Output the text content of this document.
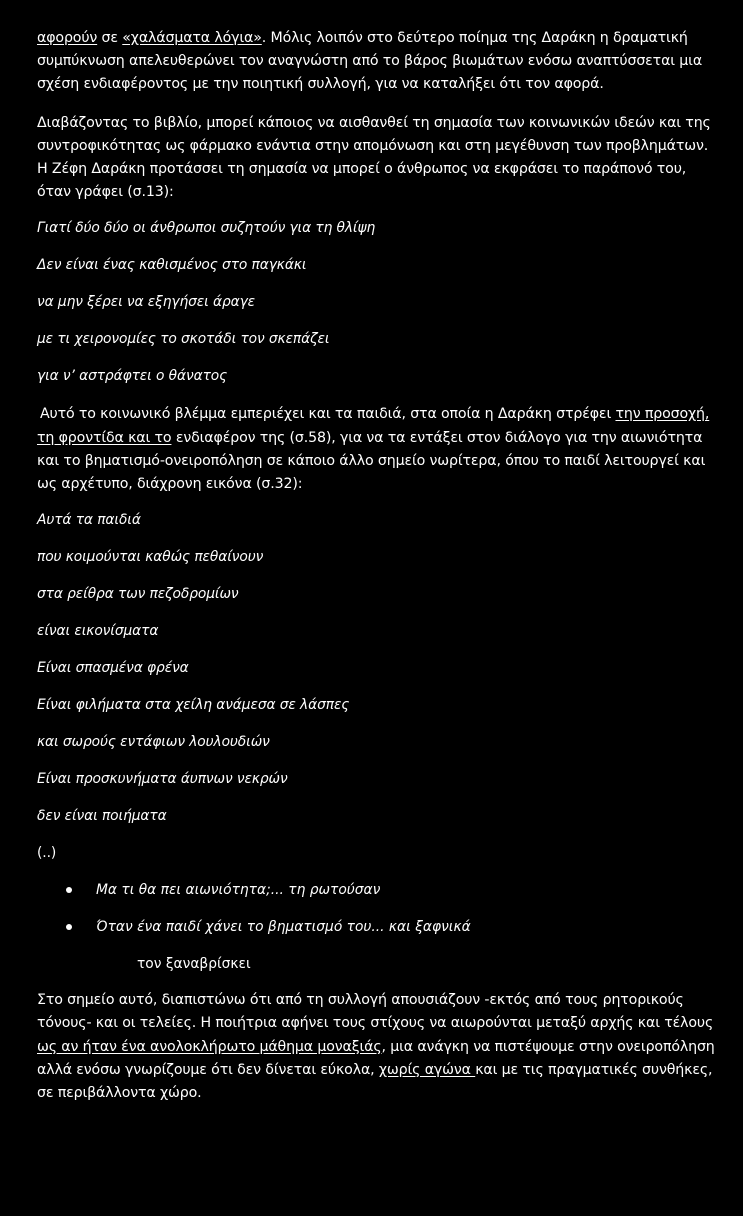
αφορούν σε «χαλάσματα λόγια». Μόλις λοιπόν στο δεύτερο ποίημα της Δαράκη η δραματική συμπύκνωση απελευθερώνει τον αναγνώστη από το βάρος βιωμάτων ενόσω αναπτύσσεται μια σχέση ενδιαφέροντος με την ποιητική συλλογή, για να καταλήξει ότι τον αφορά.

Διαβάζοντας το βιβλίο, μπορεί κάποιος να αισθανθεί τη σημασία των κοινωνικών ιδεών και της συντροφικότητας ως φάρμακο ενάντια στην απομόνωση και στη μεγέθυνση των προβλημάτων. Η Ζέφη Δαράκη προτάσσει τη σημασία να μπορεί ο άνθρωπος να εκφράσει το παράπονό του, όταν γράφει (σ.13):

Γιατί δύο δύο οι άνθρωποι συζητούν για τη θλίψη

Δεν είναι ένας καθισμένος στο παγκάκι

να μην ξέρει να εξηγήσει άραγε

με τι χειρονομίες το σκοτάδι τον σκεπάζει

για ν’ αστράφτει ο θάνατος

Αυτό το κοινωνικό βλέμμα εμπεριέχει και τα παιδιά, στα οποία η Δαράκη στρέφει την προσοχή, τη φροντίδα και το ενδιαφέρον της (σ.58), για να τα εντάξει στον διάλογο για την αιωνιότητα και το βηματισμό-ονειροπόληση σε κάποιο άλλο σημείο νωρίτερα, όπου το παιδί λειτουργεί και ως αρχέτυπο, διάχρονη εικόνα (σ.32):

Αυτά τα παιδιά

που κοιμούνται καθώς πεθαίνουν

στα ρείθρα των πεζοδρομίων

είναι εικονίσματα

Είναι σπασμένα φρένα

Είναι φιλήματα στα χείλη ανάμεσα σε λάσπες

και σωρούς εντάφιων λουλουδιών

Είναι προσκυνήματα άυπνων νεκρών

δεν είναι ποιήματα

(..)

Μα τι θα πει αιωνιότητα;... τη ρωτούσαν
Όταν ένα παιδί χάνει το βηματισμό του... και ξαφνικά

τον ξαναβρίσκει

Στο σημείο αυτό, διαπιστώνω ότι από τη συλλογή απουσιάζουν -εκτός από τους ρητορικούς τόνους- και οι τελείες. Η ποιήτρια αφήνει τους στίχους να αιωρούνται μεταξύ αρχής και τέλους ως αν ήταν ένα ανολοκλήρωτο μάθημα μοναξιάς, μια ανάγκη να πιστέψουμε στην ονειροπόληση αλλά ενόσω γνωρίζουμε ότι δεν δίνεται εύκολα, χωρίς αγώνα και με τις πραγματικές συνθήκες, σε περιβάλλοντα χώρο.
